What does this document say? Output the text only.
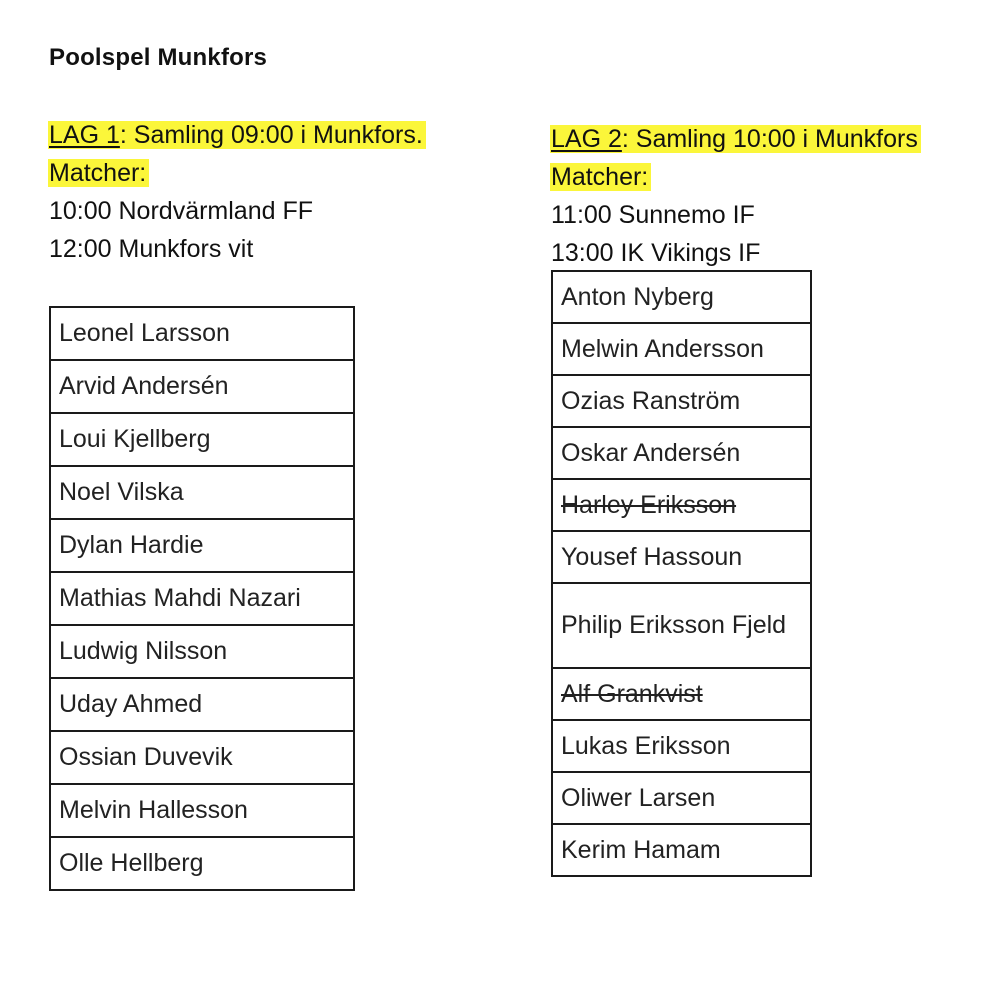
Poolspel Munkfors
LAG 1: Samling 09:00 i Munkfors.
Matcher:
10:00 Nordvärmland FF
12:00 Munkfors vit
LAG 2: Samling 10:00 i Munkfors
Matcher:
11:00 Sunnemo IF
13:00 IK Vikings IF
Leonel Larsson
Arvid Andersén
Loui Kjellberg
Noel Vilska
Dylan Hardie
Mathias Mahdi Nazari
Ludwig Nilsson
Uday Ahmed
Ossian Duvevik
Melvin Hallesson
Olle Hellberg
Anton Nyberg
Melwin Andersson
Ozias Ranström
Oskar Andersén
Harley Eriksson
Yousef Hassoun
Philip Eriksson Fjeld
Alf Grankvist
Lukas Eriksson
Oliwer Larsen
Kerim Hamam
